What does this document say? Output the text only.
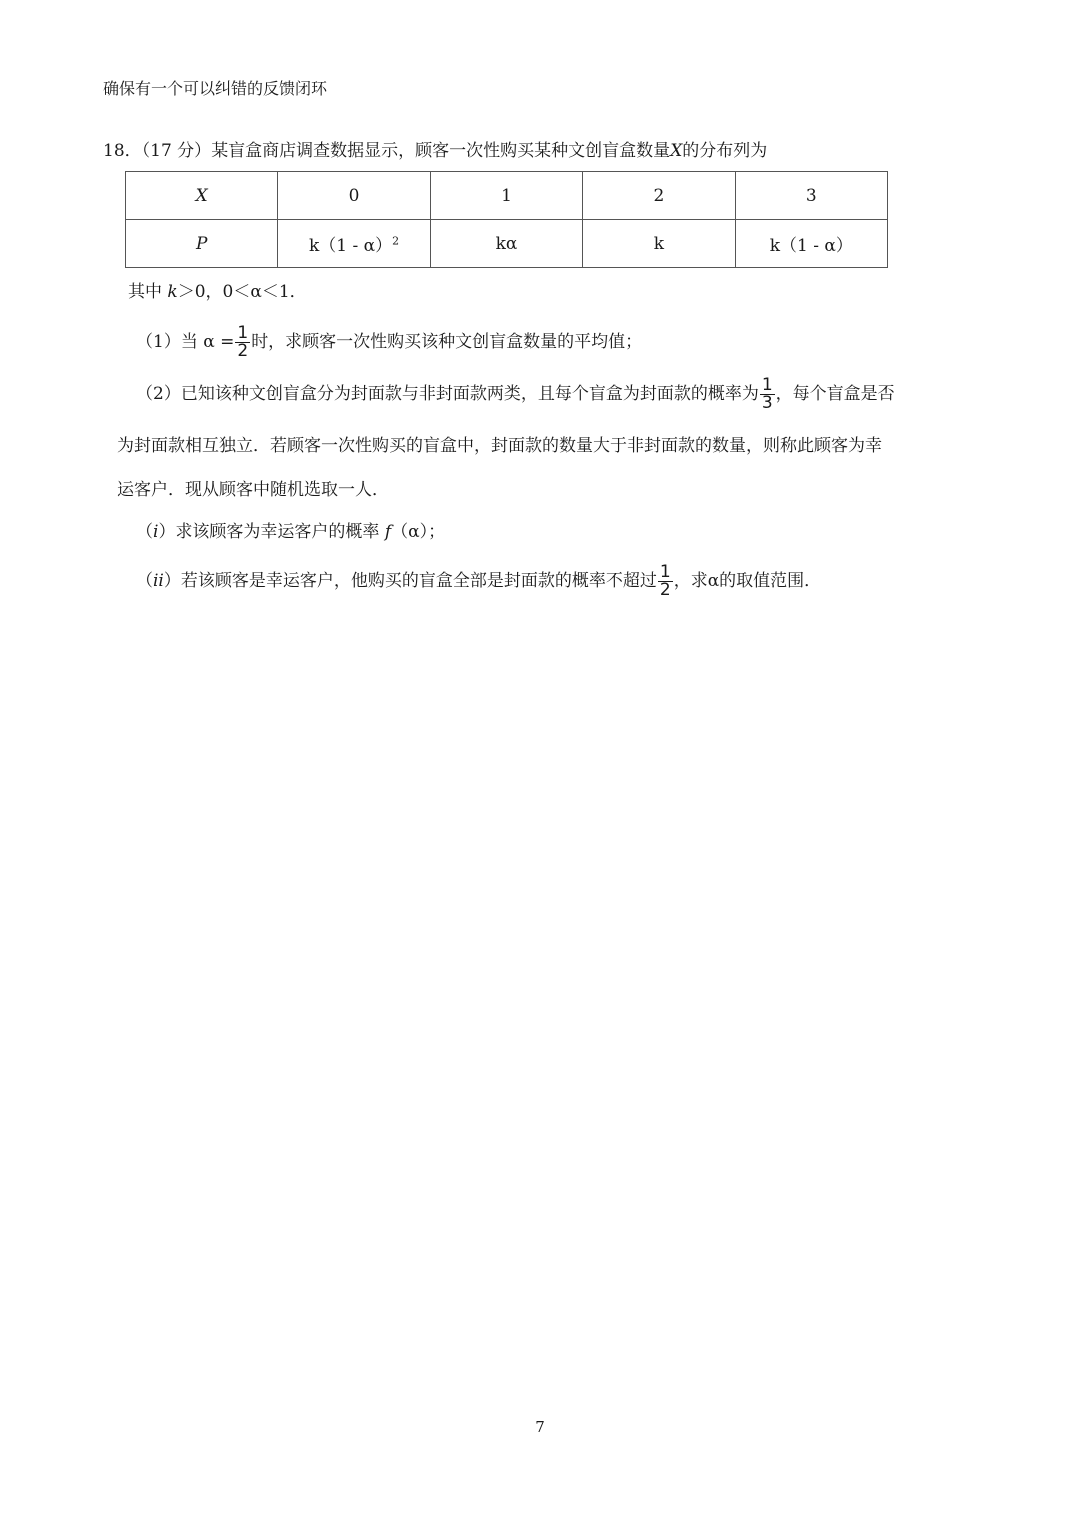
确保有一个可以纠错的反馈闭环
18．（17 分）某盲盒商店调查数据显示，顾客一次性购买某种文创盲盒数量X的分布列为
X	0	1	2	3
P	k（1 - α）$^2$	kα	k	k（1 - α）
其中 k＞0，0＜α＜1．
（1）当 $\alpha = \frac{1}{2}$ 时，求顾客一次性购买该种文创盲盒数量的平均值；
（2）已知该种文创盲盒分为封面款与非封面款两类，且每个盲盒为封面款的概率为 $\frac{1}{3}$ ，每个盲盒是否
为封面款相互独立．若顾客一次性购买的盲盒中，封面款的数量大于非封面款的数量，则称此顾客为幸
运客户．现从顾客中随机选取一人．
（i）求该顾客为幸运客户的概率 f（α）；
（ii）若该顾客是幸运客户，他购买的盲盒全部是封面款的概率不超过 $\frac{1}{2}$ ，求α的取值范围．
7
